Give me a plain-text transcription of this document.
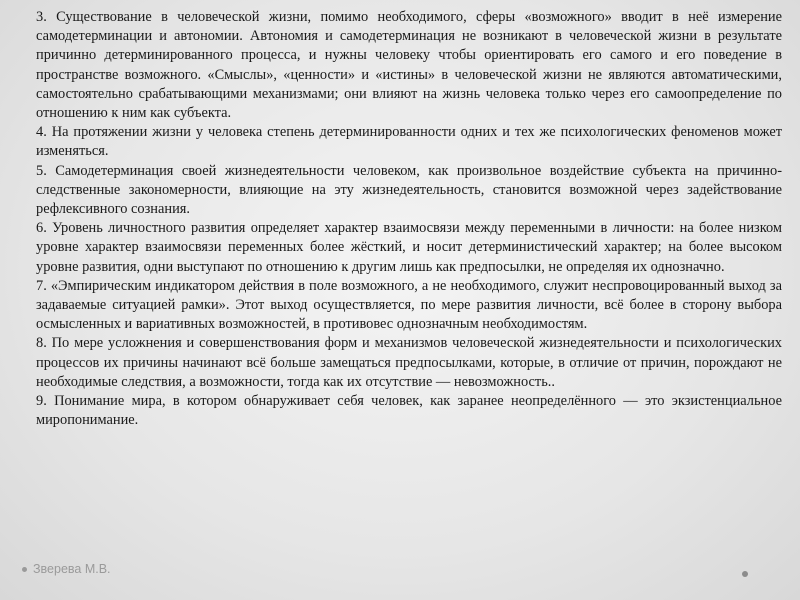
3. Существование в человеческой жизни, помимо необходимого, сферы «возможного» вводит в неё измерение самодетерминации и автономии. Автономия и самодетерминация не возникают в человеческой жизни в результате причинно детерминированного процесса, и нужны человеку чтобы ориентировать его самого и его поведение в пространстве возможного. «Смыслы», «ценности» и «истины» в человеческой жизни не являются автоматическими, самостоятельно срабатывающими механизмами; они влияют на жизнь человека только через его самоопределение по отношению к ним как субъекта.
4. На протяжении жизни у человека степень детерминированности одних и тех же психологических феноменов может изменяться.
5. Самодетерминация своей жизнедеятельности человеком, как произвольное воздействие субъекта на причинно-следственные закономерности, влияющие на эту жизнедеятельность, становится возможной через задействование рефлексивного сознания.
6. Уровень личностного развития определяет характер взаимосвязи между переменными в личности: на более низком уровне характер взаимосвязи переменных более жёсткий, и носит детерминистический характер; на более высоком уровне развития, одни выступают по отношению к другим лишь как предпосылки, не определяя их однозначно.
7. «Эмпирическим индикатором действия в поле возможного, а не необходимого, служит неспровоцированный выход за задаваемые ситуацией рамки». Этот выход осуществляется, по мере развития личности, всё более в сторону выбора осмысленных и вариативных возможностей, в противовес однозначным необходимостям.
8. По мере усложнения и совершенствования форм и механизмов человеческой жизнедеятельности и психологических процессов их причины начинают всё больше замещаться предпосылками, которые, в отличие от причин, порождают не необходимые следствия, а возможности, тогда как их отсутствие — невозможность..
9. Понимание мира, в котором обнаруживает себя человек, как заранее неопределённого — это экзистенциальное миропонимание.
Зверева М.В.
